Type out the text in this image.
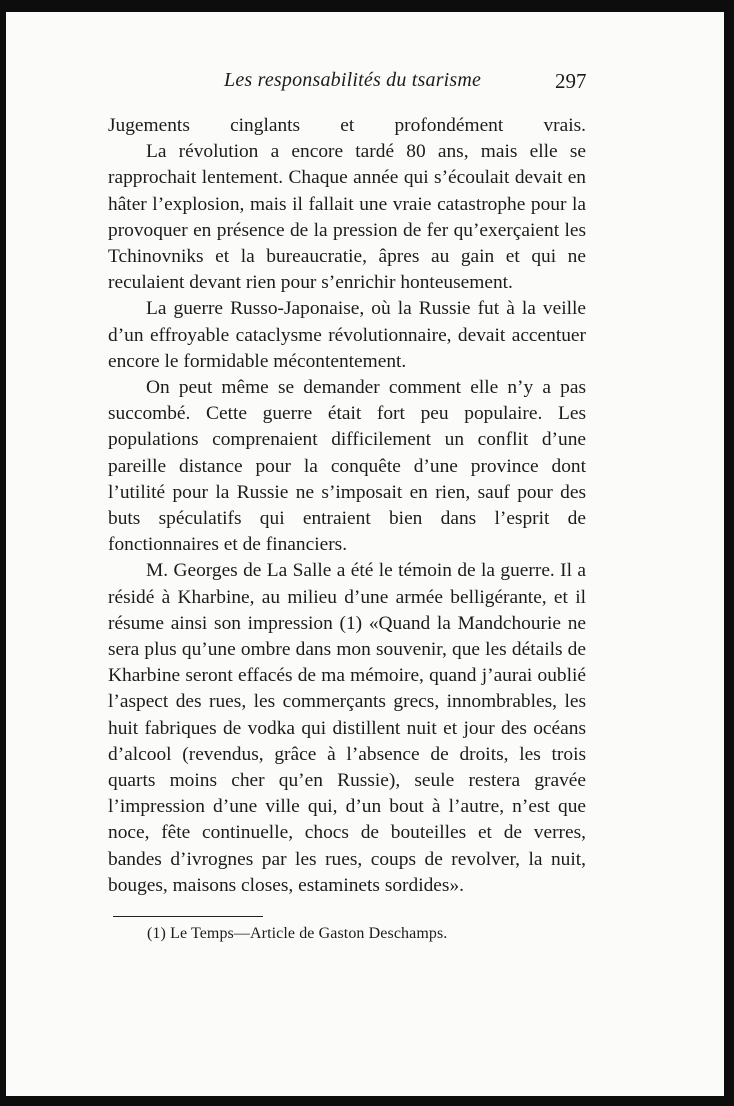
Les responsabilités du tsarisme	297

Jugements cinglants et profondément vrais.

La révolution a encore tardé 80 ans, mais elle se rapprochait lentement. Chaque année qui s’écoulait devait en hâter l’explosion, mais il fallait une vraie catastrophe pour la provoquer en présence de la pression de fer qu’exerçaient les Tchinovniks et la bureaucratie, âpres au gain et qui ne reculaient devant rien pour s’enrichir honteusement.

La guerre Russo-Japonaise, où la Russie fut à la veille d’un effroyable cataclysme révolutionnaire, devait accentuer encore le formidable mécontentement.

On peut même se demander comment elle n’y a pas succombé. Cette guerre était fort peu populaire. Les populations comprenaient difficilement un conflit d’une pareille distance pour la conquête d’une province dont l’utilité pour la Russie ne s’imposait en rien, sauf pour des buts spéculatifs qui entraient bien dans l’esprit de fonctionnaires et de financiers.

M. Georges de La Salle a été le témoin de la guerre. Il a résidé à Kharbine, au milieu d’une armée belligérante, et il résume ainsi son impression (1) «Quand la Mandchourie ne sera plus qu’une ombre dans mon souvenir, que les détails de Kharbine seront effacés de ma mémoire, quand j’aurai oublié l’aspect des rues, les commerçants grecs, innombrables, les huit fabriques de vodka qui distillent nuit et jour des océans d’alcool (revendus, grâce à l’absence de droits, les trois quarts moins cher qu’en Russie), seule restera gravée l’impression d’une ville qui, d’un bout à l’autre, n’est que noce, fête continuelle, chocs de bouteilles et de verres, bandes d’ivrognes par les rues, coups de revolver, la nuit, bouges, maisons closes, estaminets sordides».

(1) Le Temps—Article de Gaston Deschamps.
